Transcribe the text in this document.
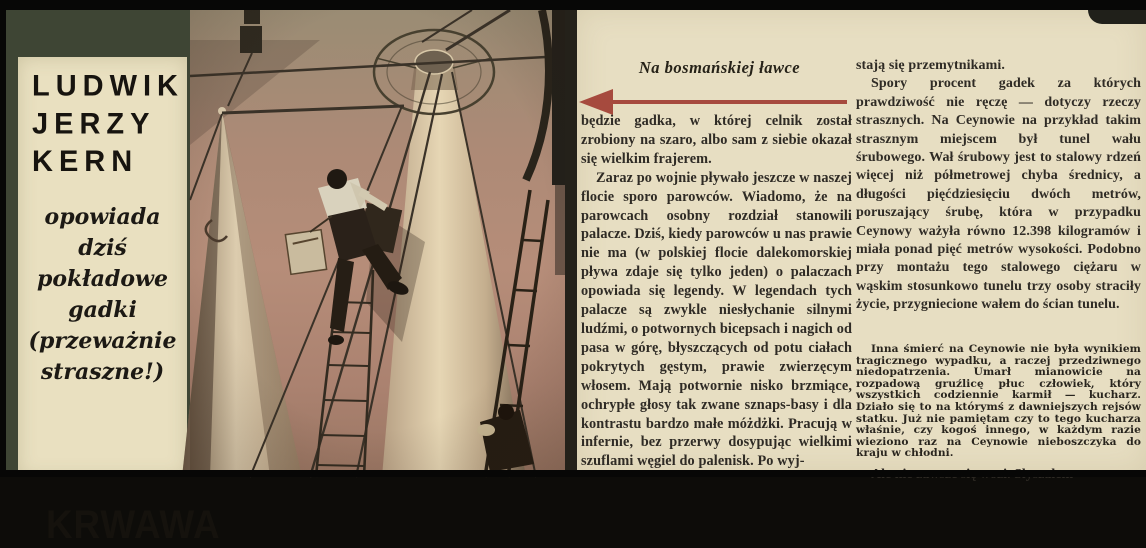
LUDWIK
JERZY
KERN
opowiada
dziś
pokładowe
gadki
(przeważnie
straszne!)
KRWAWA
Na bosmańskiej ławce

będzie gadka, w której celnik został zrobiony na szaro, albo sam z siebie okazał się wielkim frajerem.

Zaraz po wojnie pływało jeszcze w naszej flocie sporo parowców. Wiadomo, że na parowcach osobny rozdział stanowili palacze. Dziś, kiedy parowców u nas prawie nie ma (w polskiej flocie dalekomorskiej pływa zdaje się tylko jeden) o palaczach opowiada się legendy. W legendach tych palacze są zwykle niesłychanie silnymi ludźmi, o potwornych bicepsach i nagich od pasa w górę, błyszczących od potu ciałach pokrytych gęstym, prawie zwierzęcym włosem. Mają potwornie nisko brzmiące, ochrypłe głosy tak zwane sznaps-basy i dla kontrastu bardzo małe móżdżki. Pracują w infernie, bez przerwy dosypując wielkimi szuflami węgiel do palenisk. Po wyj-

stają się przemytnikami.

Spory procent gadek za których prawdziwość nie ręczę — dotyczy rzeczy strasznych. Na Ceynowie na przykład takim strasznym miejscem był tunel wału śrubowego. Wał śrubowy jest to stalowy rdzeń więcej niż półmetrowej chyba średnicy, a długości pięćdziesięciu dwóch metrów, poruszający śrubę, która w przypadku Ceynowy ważyła równo 12.398 kilogramów i miała ponad pięć metrów wysokości. Podobno przy montażu tego stalowego ciężaru w wąskim stosunkowo tunelu trzy osoby straciły życie, przygniecione wałem do ścian tunelu.

Inna śmierć na Ceynowie nie była wynikiem tragicznego wypadku, a raczej przedziwnego niedopatrzenia. Umarł mianowicie na rozpadową gruźlicę płuc człowiek, który wszystkich codziennie karmił — kucharz. Działo się to na którymś z dawniejszych rejsów statku. Już nie pamiętam czy to tego kucharza właśnie, czy kogoś innego, w każdym razie wieziono raz na Ceynowie nieboszczyka do kraju w chłodni.
